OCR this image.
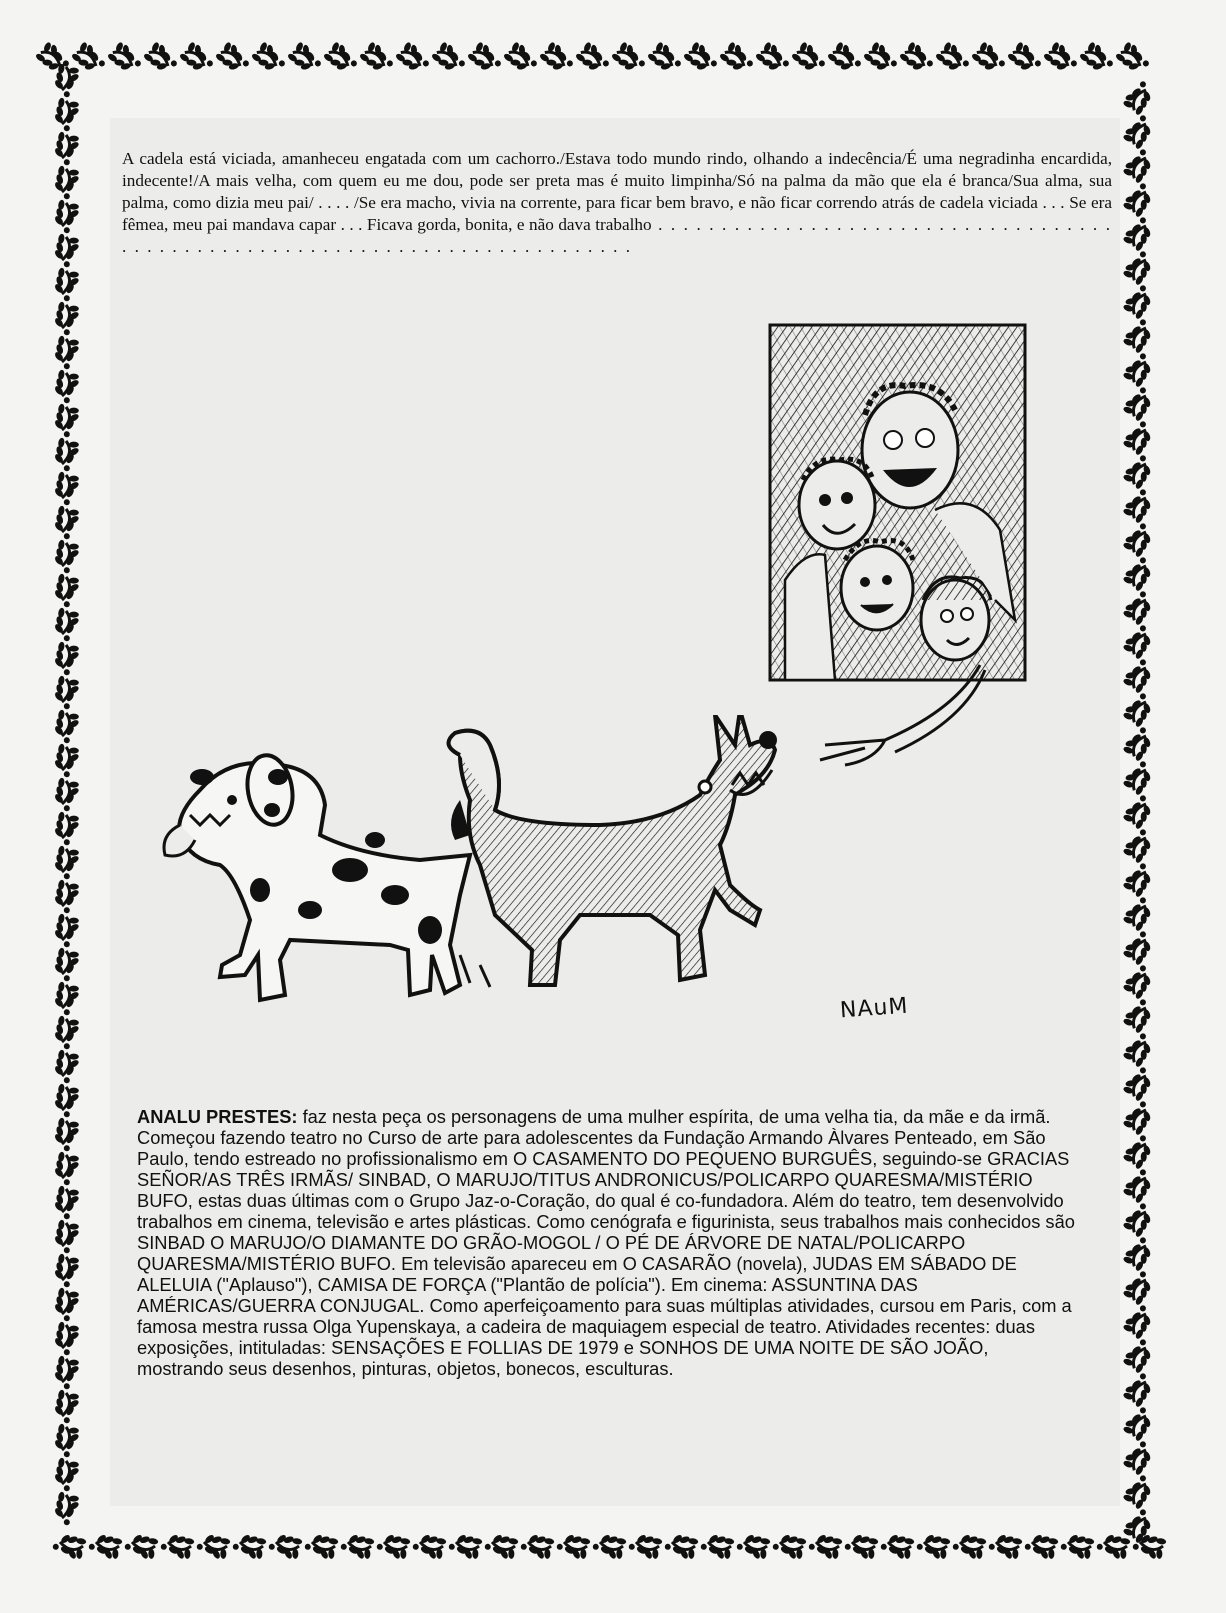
A cadela está viciada, amanheceu engatada com um cachorro./Estava todo mundo rindo, olhando a indecência/É uma negradinha encardida, indecente!/A mais velha, com quem eu me dou, pode ser preta mas é muito limpinha/Só na palma da mão que ela é branca/Sua alma, sua palma, como dizia meu pai/ . . . . /Se era macho, vivia na corrente, para ficar bem bravo, e não ficar correndo atrás de cadela viciada . . . Se era fêmea, meu pai mandava capar . . . Ficava gorda, bonita, e não dava trabalho . . . . . . . . . . . . . . . . . . . . . . . . . . . . . . . . . . . . . . . . . . . . . . . . . . . . . . . . . . . . . . . . . . . . . . . . . . . . .
NAuM
ANALU PRESTES: faz nesta peça os personagens de uma mulher espírita, de uma velha tia, da mãe e da irmã. Começou fazendo teatro no Curso de arte para adolescentes da Fundação Armando Àlvares Penteado, em São Paulo, tendo estreado no profissionalismo em O CASAMENTO DO PEQUENO BURGUÊS, seguindo-se GRACIAS SEÑOR/AS TRÊS IRMÃS/ SINBAD, O MARUJO/TITUS ANDRONICUS/POLICARPO QUARESMA/MISTÉRIO BUFO, estas duas últimas com o Grupo Jaz-o-Coração, do qual é co-fundadora. Além do teatro, tem desenvolvido trabalhos em cinema, televisão e artes plásticas. Como cenógrafa e figurinista, seus trabalhos mais conhecidos são SINBAD O MARUJO/O DIAMANTE DO GRÃO-MOGOL / O PÉ DE ÁRVORE DE NATAL/POLICARPO QUARESMA/MISTÉRIO BUFO. Em televisão apareceu em O CASARÃO (novela), JUDAS EM SÁBADO DE ALELUIA ("Aplauso"), CAMISA DE FORÇA ("Plantão de polícia"). Em cinema: ASSUNTINA DAS AMÉRICAS/GUERRA CONJUGAL. Como aperfeiçoamento para suas múltiplas atividades, cursou em Paris, com a famosa mestra russa Olga Yupenskaya, a cadeira de maquiagem especial de teatro. Atividades recentes: duas exposições, intituladas: SENSAÇÕES E FOLLIAS DE 1979 e SONHOS DE UMA NOITE DE SÃO JOÃO, mostrando seus desenhos, pinturas, objetos, bonecos, esculturas.
